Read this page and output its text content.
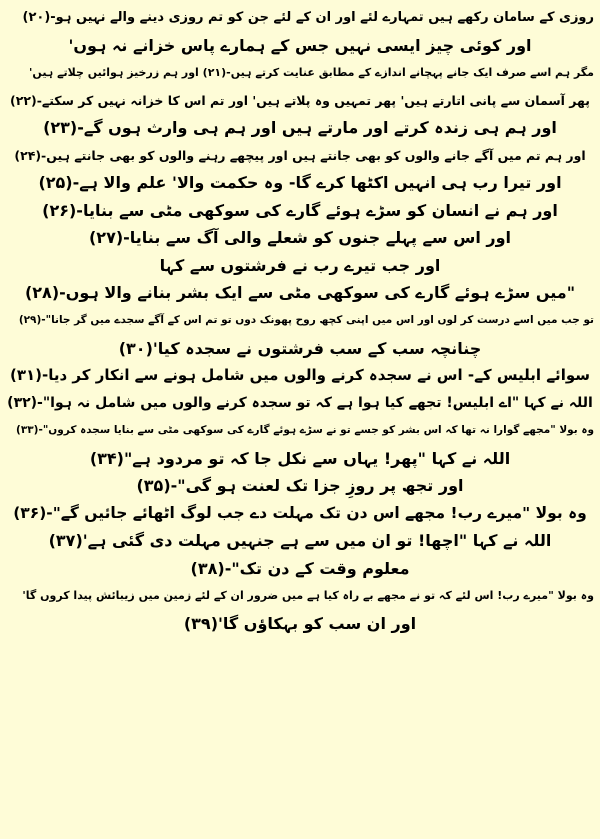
روزی کے سامان رکھے ہیں تمہارے لئے اور ان کے لئے جن کو تم روزی دینے والے نہیں ہو-(۲۰)
اور کوئی چیز ایسی نہیں جس کے ہمارے پاس خزانے نہ ہوں'
مگر ہم اسے صرف ایک جانے پہچانے اندازے کے مطابق عنایت کرتے ہیں-(۲۱) اور ہم زرخیز ہوائیں چلاتے ہیں'
پھر آسمان سے پانی اتارتے ہیں' پھر تمہیں وہ پلاتے ہیں' اور تم اس کا خزانہ نہیں کر سکتے-(۲۲)
اور ہم ہی زندہ کرتے اور مارتے ہیں اور ہم ہی وارث ہوں گے-(۲۳)
اور ہم تم میں آگے جانے والوں کو بھی جانتے ہیں اور پیچھے رہنے والوں کو بھی جانتے ہیں-(۲۴)
اور تیرا رب ہی انہیں اکٹھا کرے گا- وہ حکمت والا' علم والا ہے-(۲۵)
اور ہم نے انسان کو سڑے ہوئے گارے کی سوکھی مٹی سے بنایا-(۲۶)
اور اس سے پہلے جنوں کو شعلے والی آگ سے بنایا-(۲۷)
اور جب تیرے رب نے فرشتوں سے کہا
"میں سڑے ہوئے گارے کی سوکھی مٹی سے ایک بشر بنانے والا ہوں-(۲۸)
تو جب میں اسے درست کر لوں اور اس میں اپنی کچھ روح پھونک دوں تو تم اس کے آگے سجدے میں گر جانا"-(۲۹)
چنانچہ سب کے سب فرشتوں نے سجدہ کیا'(۳۰)
سوائے ابلیس کے- اس نے سجدہ کرنے والوں میں شامل ہونے سے انکار کر دیا-(۳۱)
اللہ نے کہا "اے ابلیس! تجھے کیا ہوا ہے کہ تو سجدہ کرنے والوں میں شامل نہ ہوا"-(۳۲)
وہ بولا "مجھے گوارا نہ تھا کہ اس بشر کو جسے تو نے سڑے ہوئے گارے کی سوکھی مٹی سے بنایا سجدہ کروں"-(۳۳)
اللہ نے کہا "پھر! یہاں سے نکل جا کہ تو مردود ہے"(۳۴)
اور تجھ پر روزِ جزا تک لعنت ہو گی"-(۳۵)
وہ بولا "میرے رب! مجھے اس دن تک مہلت دے جب لوگ اٹھائے جائیں گے"-(۳۶)
اللہ نے کہا "اچھا! تو ان میں سے ہے جنہیں مہلت دی گئی ہے'(۳۷)
معلوم وقت کے دن تک"-(۳۸)
وہ بولا "میرے رب! اس لئے کہ تو نے مجھے بے راہ کیا ہے میں ضرور ان کے لئے زمین میں زیبائش پیدا کروں گا'
اور ان سب کو بہکاؤں گا'(۳۹)
